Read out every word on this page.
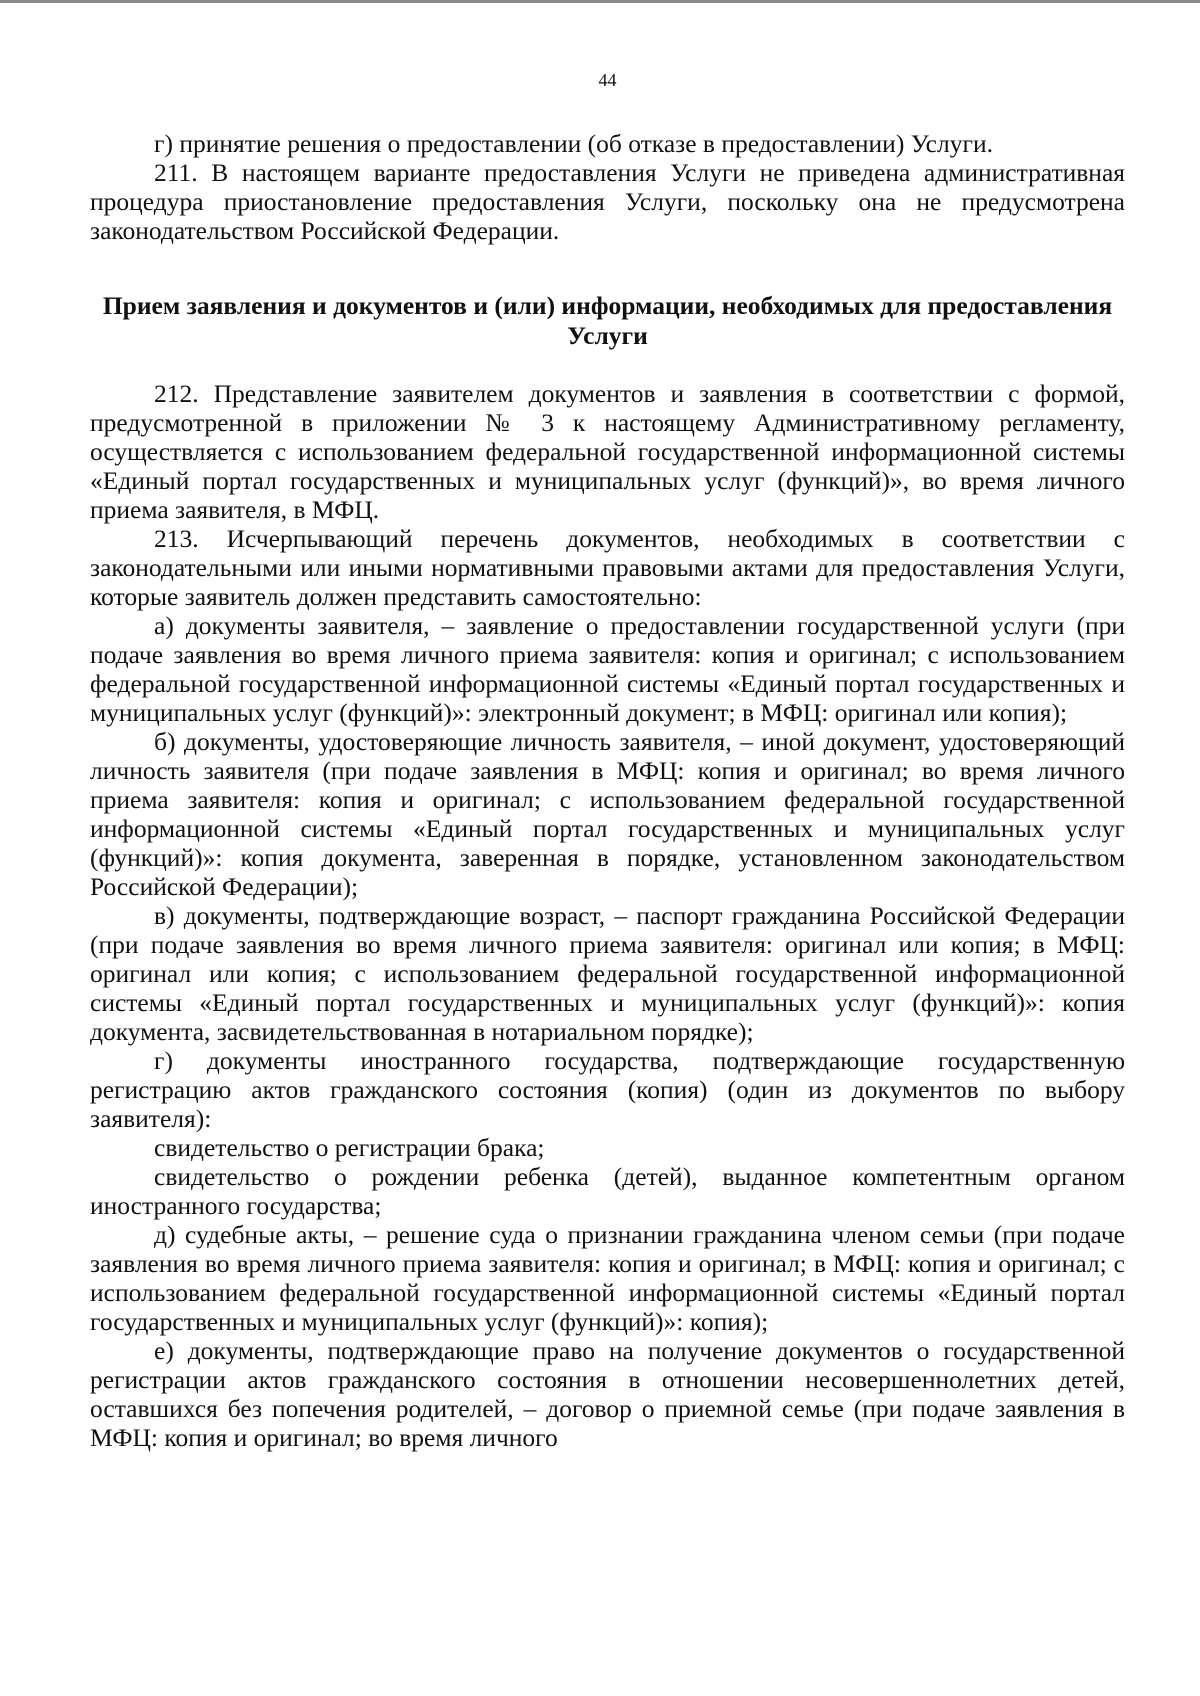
44

г) принятие решения о предоставлении (об отказе в предоставлении) Услуги.

211. В настоящем варианте предоставления Услуги не приведена административная процедура приостановление предоставления Услуги, поскольку она не предусмотрена законодательством Российской Федерации.

Прием заявления и документов и (или) информации, необходимых для предоставления Услуги

212. Представление заявителем документов и заявления в соответствии с формой, предусмотренной в приложении № 3 к настоящему Административному регламенту, осуществляется с использованием федеральной государственной информационной системы «Единый портал государственных и муниципальных услуг (функций)», во время личного приема заявителя, в МФЦ.

213. Исчерпывающий перечень документов, необходимых в соответствии с законодательными или иными нормативными правовыми актами для предоставления Услуги, которые заявитель должен представить самостоятельно:

а) документы заявителя, – заявление о предоставлении государственной услуги (при подаче заявления во время личного приема заявителя: копия и оригинал; с использованием федеральной государственной информационной системы «Единый портал государственных и муниципальных услуг (функций)»: электронный документ; в МФЦ: оригинал или копия);

б) документы, удостоверяющие личность заявителя, – иной документ, удостоверяющий личность заявителя (при подаче заявления в МФЦ: копия и оригинал; во время личного приема заявителя: копия и оригинал; с использованием федеральной государственной информационной системы «Единый портал государственных и муниципальных услуг (функций)»: копия документа, заверенная в порядке, установленном законодательством Российской Федерации);

в) документы, подтверждающие возраст, – паспорт гражданина Российской Федерации (при подаче заявления во время личного приема заявителя: оригинал или копия; в МФЦ: оригинал или копия; с использованием федеральной государственной информационной системы «Единый портал государственных и муниципальных услуг (функций)»: копия документа, засвидетельствованная в нотариальном порядке);

г) документы иностранного государства, подтверждающие государственную регистрацию актов гражданского состояния (копия) (один из документов по выбору заявителя):

свидетельство о регистрации брака;

свидетельство о рождении ребенка (детей), выданное компетентным органом иностранного государства;

д) судебные акты, – решение суда о признании гражданина членом семьи (при подаче заявления во время личного приема заявителя: копия и оригинал; в МФЦ: копия и оригинал; с использованием федеральной государственной информационной системы «Единый портал государственных и муниципальных услуг (функций)»: копия);

е) документы, подтверждающие право на получение документов о государственной регистрации актов гражданского состояния в отношении несовершеннолетних детей, оставшихся без попечения родителей, – договор о приемной семье (при подаче заявления в МФЦ: копия и оригинал; во время личного
